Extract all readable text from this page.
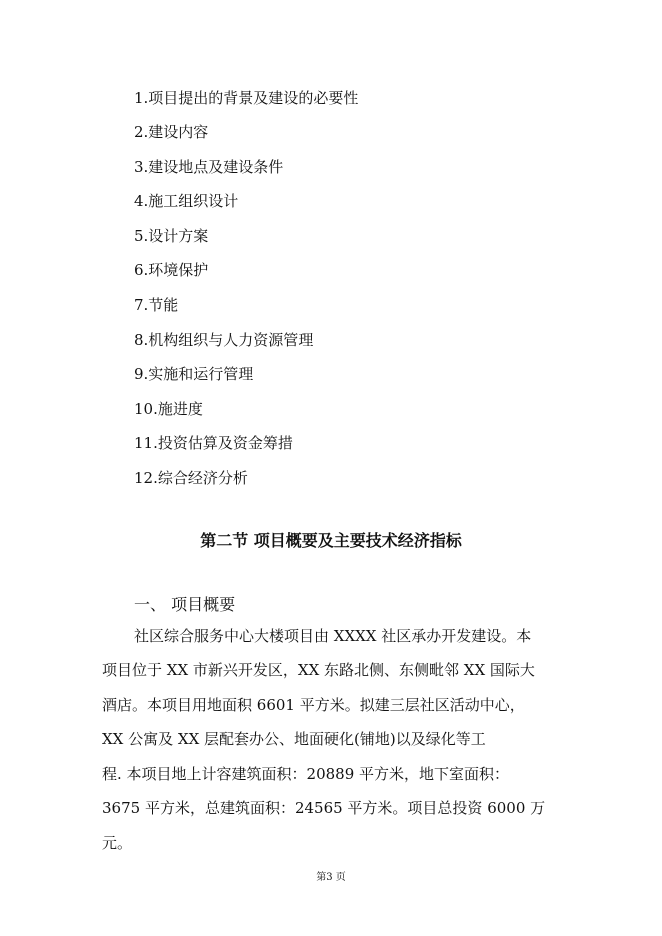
1.项目提出的背景及建设的必要性
2.建设内容
3.建设地点及建设条件
4.施工组织设计
5.设计方案
6.环境保护
7.节能
8.机构组织与人力资源管理
9.实施和运行管理
10.施进度
11.投资估算及资金筹措
12.综合经济分析
第二节 项目概要及主要技术经济指标
一、 项目概要
社区综合服务中心大楼项目由 XXXX 社区承办开发建设。本
项目位于 XX 市新兴开发区，XX 东路北侧、东侧毗邻 XX 国际大
酒店。本项目用地面积 6601 平方米。拟建三层社区活动中心，
XX 公寓及 XX 层配套办公、地面硬化(铺地)以及绿化等工
程. 本项目地上计容建筑面积：20889 平方米，地下室面积：
3675 平方米，总建筑面积：24565 平方米。项目总投资 6000 万
元。
第3 页
